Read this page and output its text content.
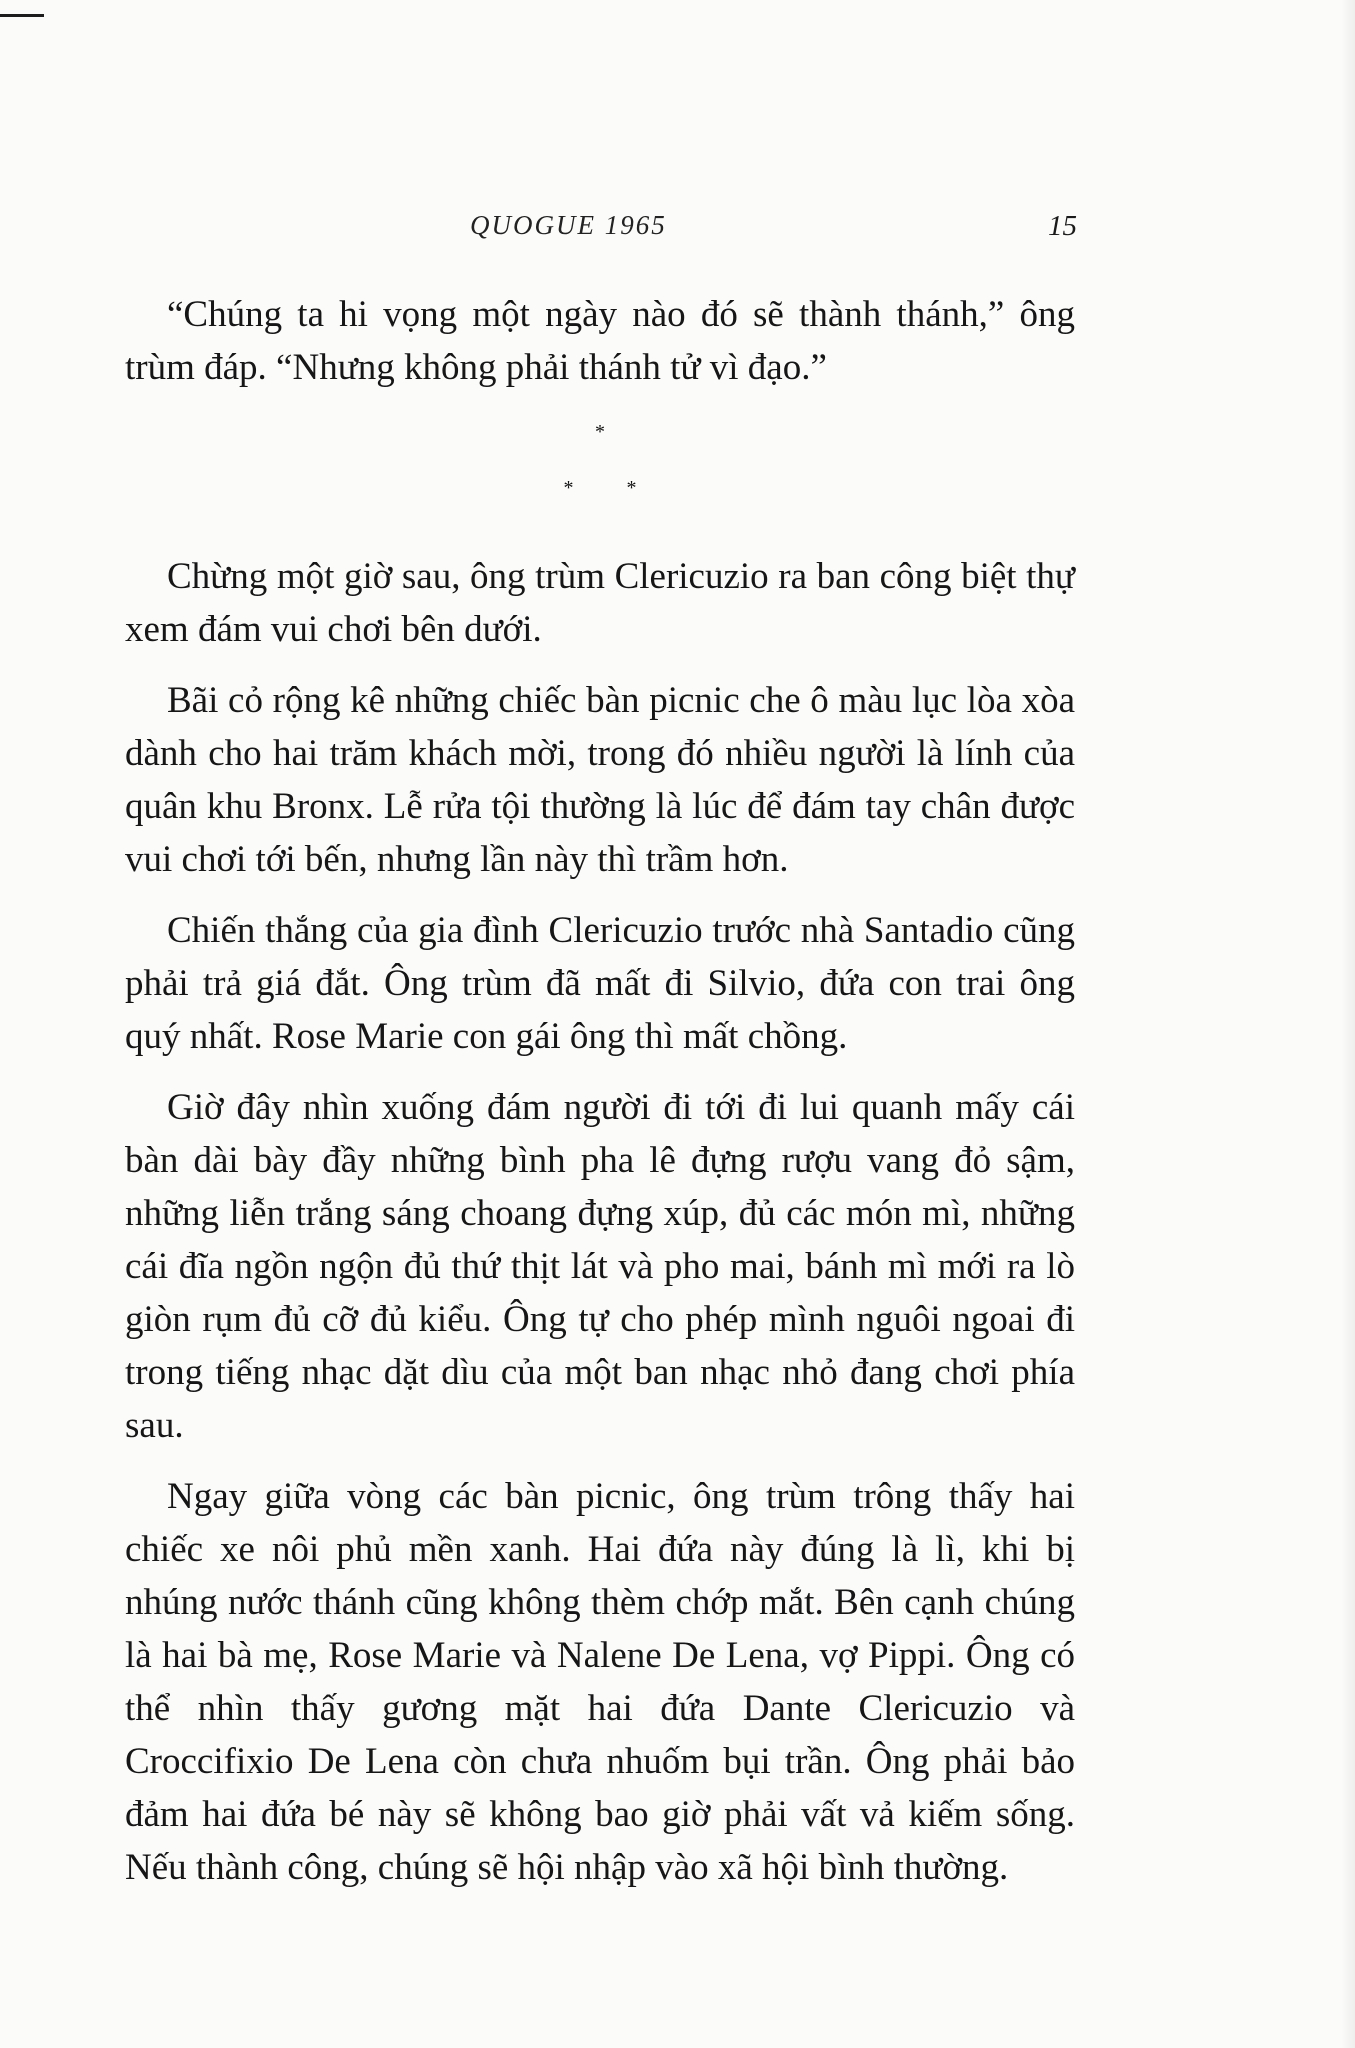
QUOGUE 1965	15

“Chúng ta hi vọng một ngày nào đó sẽ thành thánh,” ông trùm đáp. “Nhưng không phải thánh tử vì đạo.”

*
* *

Chừng một giờ sau, ông trùm Clericuzio ra ban công biệt thự xem đám vui chơi bên dưới.

Bãi cỏ rộng kê những chiếc bàn picnic che ô màu lục lòa xòa dành cho hai trăm khách mời, trong đó nhiều người là lính của quân khu Bronx. Lễ rửa tội thường là lúc để đám tay chân được vui chơi tới bến, nhưng lần này thì trầm hơn.

Chiến thắng của gia đình Clericuzio trước nhà Santadio cũng phải trả giá đắt. Ông trùm đã mất đi Silvio, đứa con trai ông quý nhất. Rose Marie con gái ông thì mất chồng.

Giờ đây nhìn xuống đám người đi tới đi lui quanh mấy cái bàn dài bày đầy những bình pha lê đựng rượu vang đỏ sậm, những liễn trắng sáng choang đựng xúp, đủ các món mì, những cái đĩa ngồn ngộn đủ thứ thịt lát và pho mai, bánh mì mới ra lò giòn rụm đủ cỡ đủ kiểu. Ông tự cho phép mình nguôi ngoai đi trong tiếng nhạc dặt dìu của một ban nhạc nhỏ đang chơi phía sau.

Ngay giữa vòng các bàn picnic, ông trùm trông thấy hai chiếc xe nôi phủ mền xanh. Hai đứa này đúng là lì, khi bị nhúng nước thánh cũng không thèm chớp mắt. Bên cạnh chúng là hai bà mẹ, Rose Marie và Nalene De Lena, vợ Pippi. Ông có thể nhìn thấy gương mặt hai đứa Dante Clericuzio và Croccifixio De Lena còn chưa nhuốm bụi trần. Ông phải bảo đảm hai đứa bé này sẽ không bao giờ phải vất vả kiếm sống. Nếu thành công, chúng sẽ hội nhập vào xã hội bình thường.
